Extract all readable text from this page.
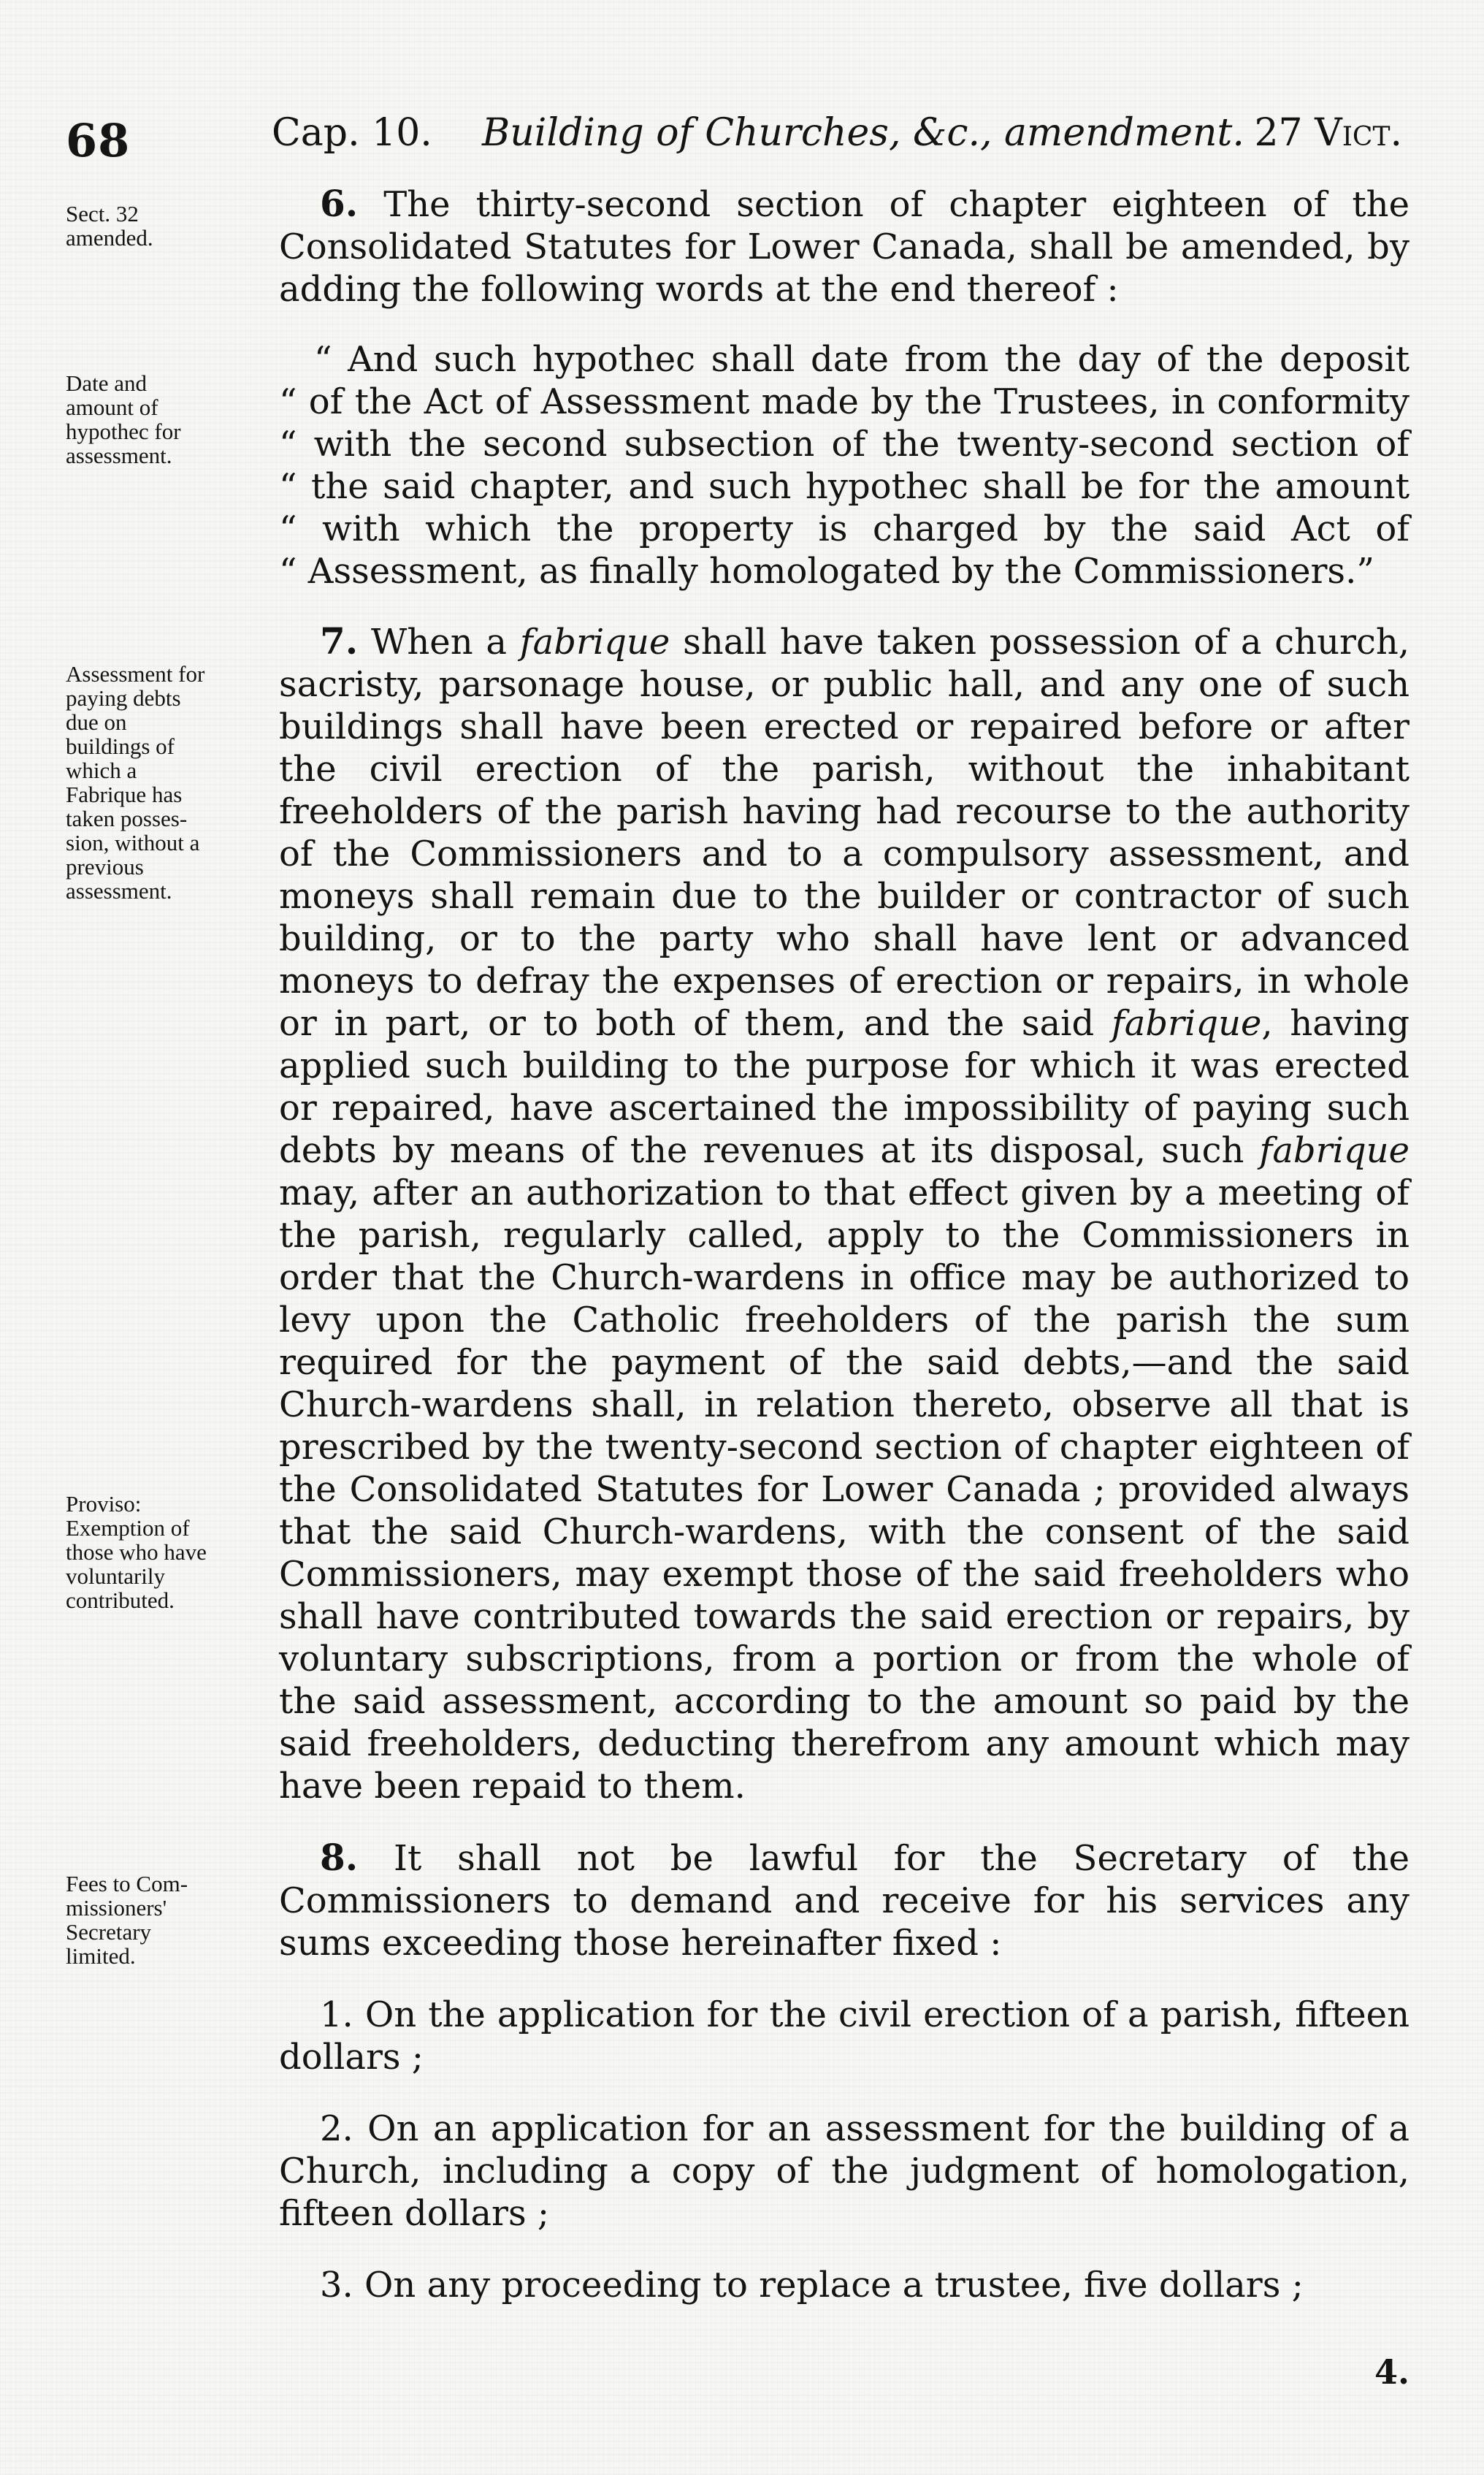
68	Cap. 10. Building of Churches, &c., amendment. 27 Vict.
Sect. 32
amended.
Date and
amount of
hypothec for
assessment.
Assessment for
paying debts
due on
buildings of
which a
Fabrique has
taken posses-
sion, without a
previous
assessment.
Proviso:
Exemption of
those who have
voluntarily
contributed.
Fees to Com-
missioners'
Secretary
limited.

6. The thirty-second section of chapter eighteen of the Consolidated Statutes for Lower Canada, shall be amended, by adding the following words at the end thereof :

“ And such hypothec shall date from the day of the deposit
“ of the Act of Assessment made by the Trustees, in conformity
“ with the second subsection of the twenty-second section of
“ the said chapter, and such hypothec shall be for the amount
“ with which the property is charged by the said Act of
“ Assessment, as finally homologated by the Commissioners.”

7. When a fabrique shall have taken possession of a church, sacristy, parsonage house, or public hall, and any one of such buildings shall have been erected or repaired before or after the civil erection of the parish, without the inhabitant freeholders of the parish having had recourse to the authority of the Commissioners and to a compulsory assessment, and moneys shall remain due to the builder or contractor of such building, or to the party who shall have lent or advanced moneys to defray the expenses of erection or repairs, in whole or in part, or to both of them, and the said fabrique, having applied such building to the purpose for which it was erected or repaired, have ascertained the impossibility of paying such debts by means of the revenues at its disposal, such fabrique may, after an authorization to that effect given by a meeting of the parish, regularly called, apply to the Commissioners in order that the Church-wardens in office may be authorized to levy upon the Catholic freeholders of the parish the sum required for the payment of the said debts,—and the said Church-wardens shall, in relation thereto, observe all that is prescribed by the twenty-second section of chapter eighteen of the Consolidated Statutes for Lower Canada ; provided always that the said Church-wardens, with the consent of the said Commissioners, may exempt those of the said freeholders who shall have contributed towards the said erection or repairs, by voluntary subscriptions, from a portion or from the whole of the said assessment, according to the amount so paid by the said freeholders, deducting therefrom any amount which may have been repaid to them.

8. It shall not be lawful for the Secretary of the Commissioners to demand and receive for his services any sums exceeding those hereinafter fixed :

1. On the application for the civil erection of a parish, fifteen dollars ;

2. On an application for an assessment for the building of a Church, including a copy of the judgment of homologation, fifteen dollars ;

3. On any proceeding to replace a trustee, five dollars ;

4.
